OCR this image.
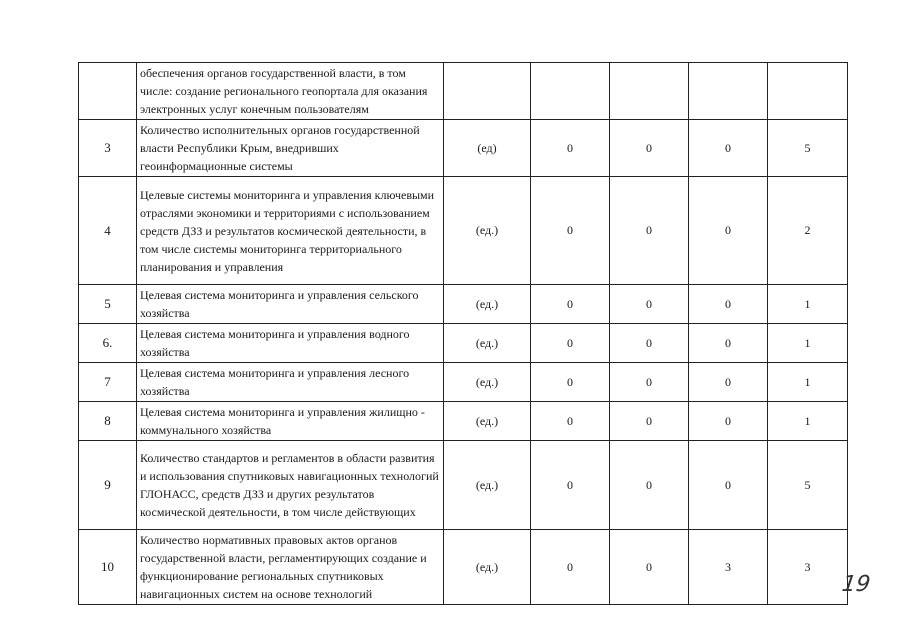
	обеспечения органов государственной власти, в том числе: создание регионального геопортала для оказания электронных услуг конечным пользователям					
3	Количество исполнительных органов государственной власти Республики Крым, внедривших геоинформационные системы	(ед)	0	0	0	5
4	Целевые системы мониторинга и управления ключевыми отраслями экономики и территориями с использованием средств ДЗЗ и результатов космической деятельности, в том числе системы мониторинга территориального планирования и управления	(ед.)	0	0	0	2
5	Целевая система мониторинга и управления сельского хозяйства	(ед.)	0	0	0	1
6.	Целевая система мониторинга и управления водного хозяйства	(ед.)	0	0	0	1
7	Целевая система мониторинга и управления лесного хозяйства	(ед.)	0	0	0	1
8	Целевая система мониторинга и управления жилищно - коммунального хозяйства	(ед.)	0	0	0	1
9	Количество стандартов и регламентов в области развития и использования спутниковых навигационных технологий ГЛОНАСС, средств ДЗЗ и других результатов космической деятельности, в том числе действующих	(ед.)	0	0	0	5
10	Количество нормативных правовых актов органов государственной власти, регламентирующих создание и функционирование региональных спутниковых навигационных систем на основе технологий	(ед.)	0	0	3	3
19
